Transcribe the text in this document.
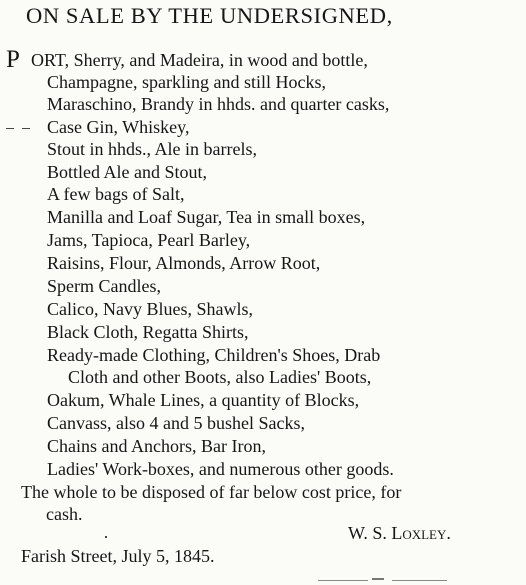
ON SALE BY THE UNDERSIGNED,
P ORT, Sherry, and Madeira, in wood and bottle,
Champagne, sparkling and still Hocks,
Maraschino, Brandy in hhds. and quarter casks,
Case Gin, Whiskey,
Stout in hhds., Ale in barrels,
Bottled Ale and Stout,
A few bags of Salt,
Manilla and Loaf Sugar, Tea in small boxes,
Jams, Tapioca, Pearl Barley,
Raisins, Flour, Almonds, Arrow Root,
Sperm Candles,
Calico, Navy Blues, Shawls,
Black Cloth, Regatta Shirts,
Ready-made Clothing, Children's Shoes, Drab
Cloth and other Boots, also Ladies' Boots,
Oakum, Whale Lines, a quantity of Blocks,
Canvass, also 4 and 5 bushel Sacks,
Chains and Anchors, Bar Iron,
Ladies' Work-boxes, and numerous other goods.
The whole to be disposed of far below cost price, for
cash.
W. S. Loxley.
Farish Street, July 5, 1845.
